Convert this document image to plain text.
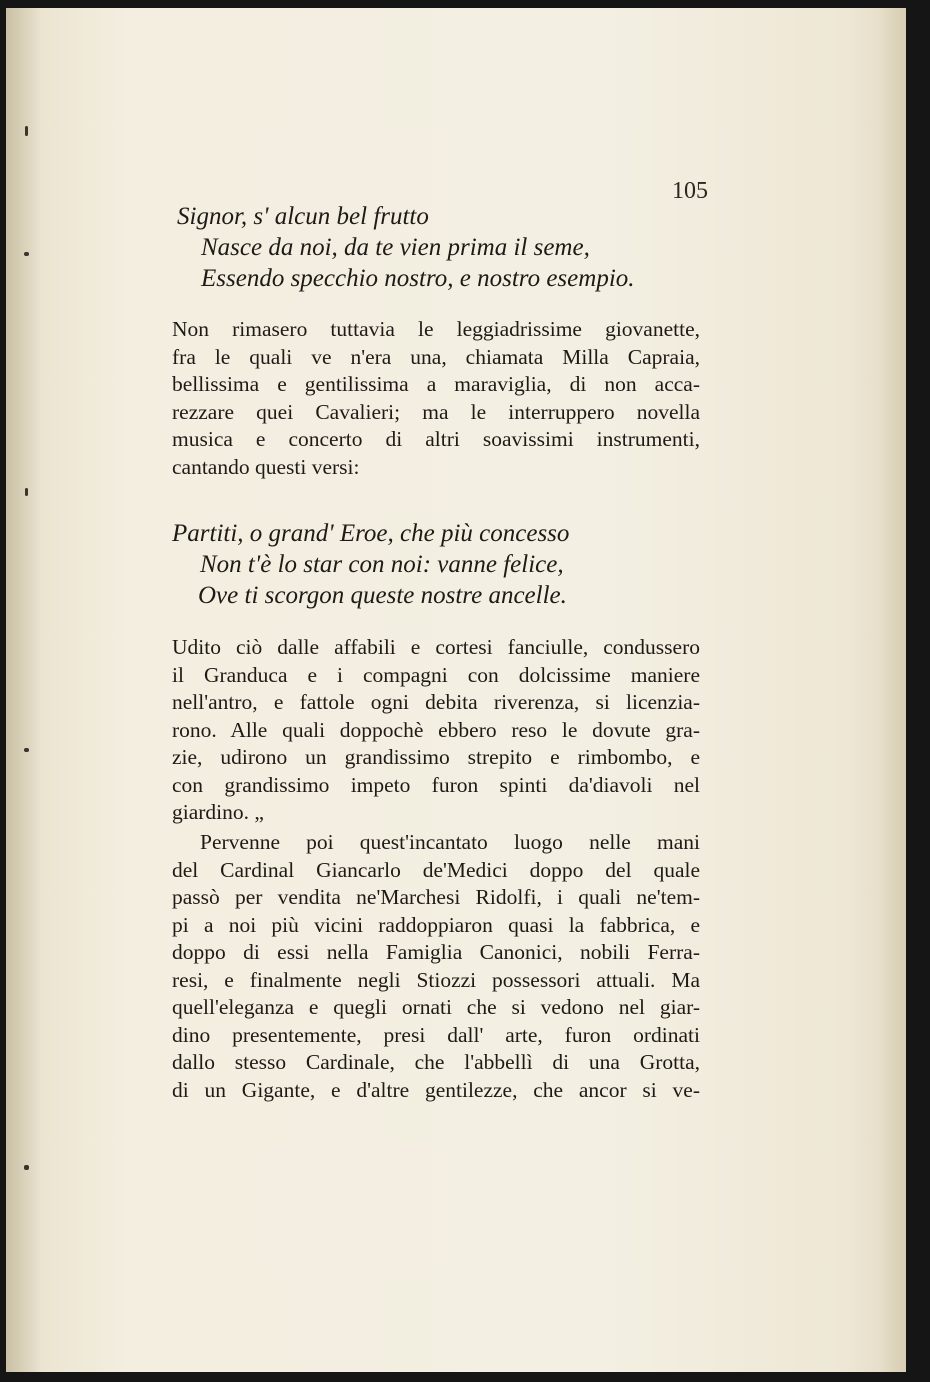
105
Signor, s' alcun bel frutto
Nasce da noi, da te vien prima il seme,
Essendo specchio nostro, e nostro esempio.
Non rimasero tuttavia le leggiadrissime giovanette,
fra le quali ve n'era una, chiamata Milla Capraia,
bellissima e gentilissima a maraviglia, di non acca-
rezzare quei Cavalieri; ma le interruppero novella
musica e concerto di altri soavissimi instrumenti,
cantando questi versi:
Partiti, o grand' Eroe, che più concesso
Non t'è lo star con noi: vanne felice,
Ove ti scorgon queste nostre ancelle.
Udito ciò dalle affabili e cortesi fanciulle, condussero
il Granduca e i compagni con dolcissime maniere
nell'antro, e fattole ogni debita riverenza, si licenzia-
rono. Alle quali doppochè ebbero reso le dovute gra-
zie, udirono un grandissimo strepito e rimbombo, e
con grandissimo impeto furon spinti da'diavoli nel
giardino. „
Pervenne poi quest'incantato luogo nelle mani
del Cardinal Giancarlo de'Medici doppo del quale
passò per vendita ne'Marchesi Ridolfi, i quali ne'tem-
pi a noi più vicini raddoppiaron quasi la fabbrica, e
doppo di essi nella Famiglia Canonici, nobili Ferra-
resi, e finalmente negli Stiozzi possessori attuali. Ma
quell'eleganza e quegli ornati che si vedono nel giar-
dino presentemente, presi dall' arte, furon ordinati
dallo stesso Cardinale, che l'abbellì di una Grotta,
di un Gigante, e d'altre gentilezze, che ancor si ve-
